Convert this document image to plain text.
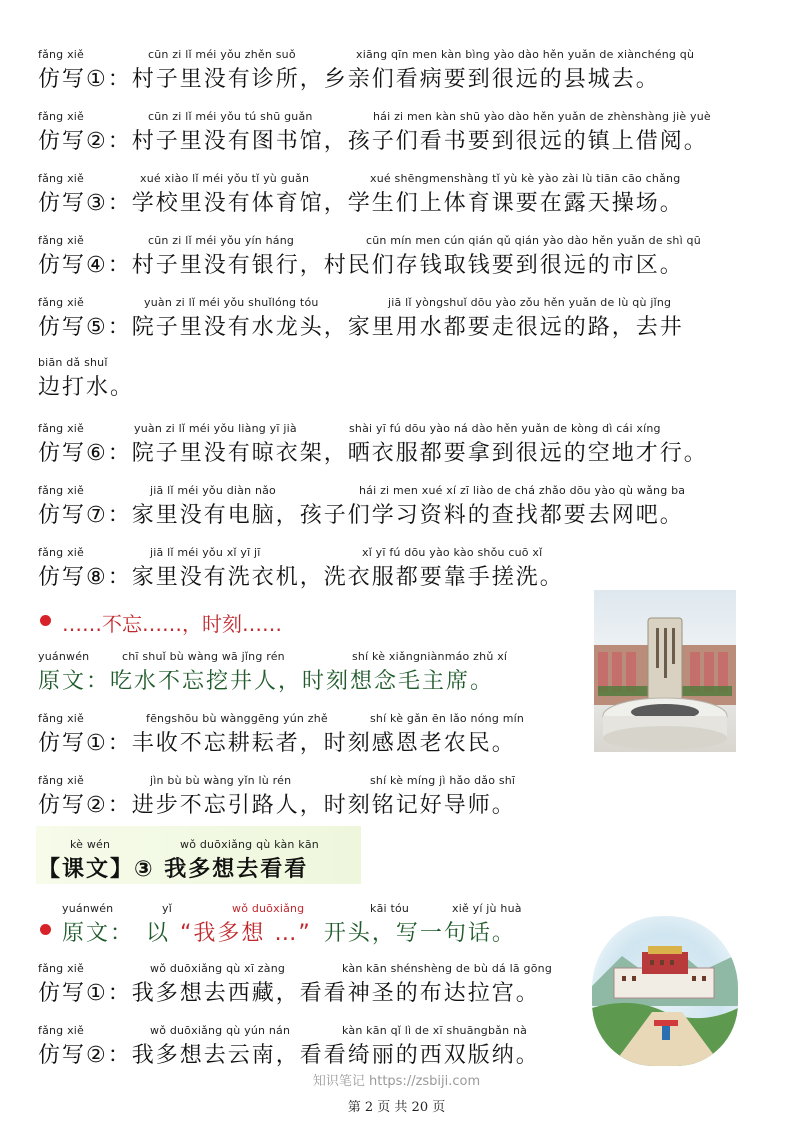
fǎng xiě	cūn zi lǐ méi yǒu zhěn suǒ	xiāng qīn men kàn bìng yào dào hěn yuǎn de xiànchéng qù
仿写①：村子里没有诊所，乡亲们看病要到很远的县城去。
fǎng xiě	cūn zi lǐ méi yǒu tú shū guǎn	hái zi men kàn shū yào dào hěn yuǎn de zhènshàng jiè yuè
仿写②：村子里没有图书馆，孩子们看书要到很远的镇上借阅。
fǎng xiě	xué xiào lǐ méi yǒu tǐ yù guǎn	xué shēngmenshàng tǐ yù kè yào zài lù tiān cāo chǎng
仿写③：学校里没有体育馆，学生们上体育课要在露天操场。
fǎng xiě	cūn zi lǐ méi yǒu yín háng	cūn mín men cún qián qǔ qián yào dào hěn yuǎn de shì qū
仿写④：村子里没有银行，村民们存钱取钱要到很远的市区。
fǎng xiě	yuàn zi lǐ méi yǒu shuǐlóng tóu	jiā lǐ yòngshuǐ dōu yào zǒu hěn yuǎn de lù qù jǐng
仿写⑤：院子里没有水龙头，家里用水都要走很远的路，去井
biān dǎ shuǐ
边打水。
fǎng xiě	yuàn zi lǐ méi yǒu liàng yī jià	shài yī fú dōu yào ná dào hěn yuǎn de kòng dì cái xíng
仿写⑥：院子里没有晾衣架，晒衣服都要拿到很远的空地才行。
fǎng xiě	jiā lǐ méi yǒu diàn nǎo	hái zi men xué xí zī liào de chá zhǎo dōu yào qù wǎng ba
仿写⑦：家里没有电脑，孩子们学习资料的查找都要去网吧。
fǎng xiě	jiā lǐ méi yǒu xǐ yī jī	xǐ yī fú dōu yào kào shǒu cuō xǐ
仿写⑧：家里没有洗衣机，洗衣服都要靠手搓洗。
……不忘……，时刻……
yuánwén	chī shuǐ bù wàng wā jǐng rén	shí kè xiǎngniànmáo zhǔ xí
原文：吃水不忘挖井人，时刻想念毛主席。
fǎng xiě	fēngshōu bù wànggēng yún zhě	shí kè gǎn ēn lǎo nóng mín
仿写①：丰收不忘耕耘者，时刻感恩老农民。
fǎng xiě	jìn bù bù wàng yǐn lù rén	shí kè míng jì hǎo dǎo shī
仿写②：进步不忘引路人，时刻铭记好导师。
kè wén	wǒ duōxiǎng qù kàn kān
【课文】③ 我多想去看看
yuánwén	yǐ	wǒ duōxiǎng	kāi tóu	xiě yí jù huà
原文： 以 “我多想 …” 开头，写一句话。
fǎng xiě	wǒ duōxiǎng qù xī zàng	kàn kān shénshèng de bù dá lā gōng
仿写①：我多想去西藏，看看神圣的布达拉宫。
fǎng xiě	wǒ duōxiǎng qù yún nán	kàn kān qǐ lì de xī shuāngbǎn nà
仿写②：我多想去云南，看看绮丽的西双版纳。
知识笔记 https://zsbiji.com
第 2 页 共 20 页
